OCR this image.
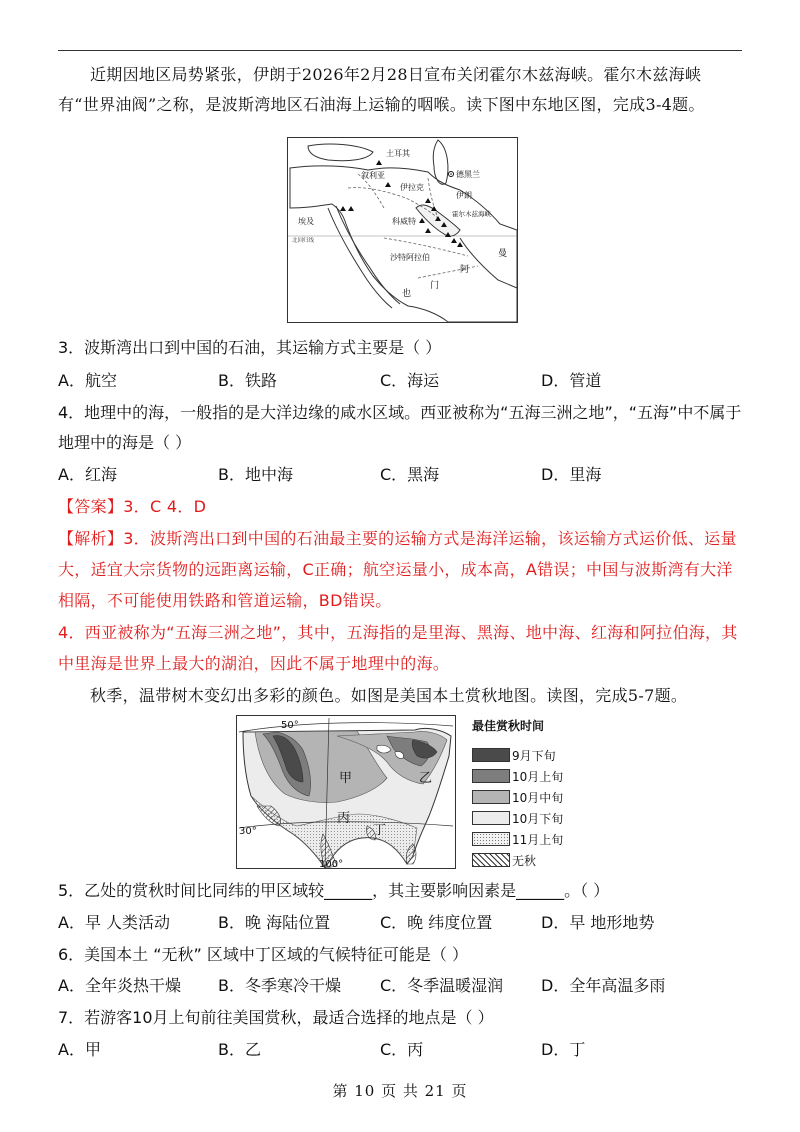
近期因地区局势紧张，伊朗于2026年2月28日宣布关闭霍尔木兹海峡。霍尔木兹海峡有“世界油阀”之称，是波斯湾地区石油海上运输的咽喉。读下图中东地区图，完成3-4题。
土耳其
叙利亚
伊拉克
德黑兰
伊朗
科威特
霍尔木兹海峡
埃及
北回归线
沙特阿拉伯	曼
阿
也
门
3．波斯湾出口到中国的石油，其运输方式主要是（ ）
A．航空	B．铁路	C．海运	D．管道
4．地理中的海，一般指的是大洋边缘的咸水区域。西亚被称为“五海三洲之地”，“五海”中不属于地理中的海是（ ）
A．红海	B．地中海	C．黑海	D．里海
【答案】3．C 4．D
【解析】3．波斯湾出口到中国的石油最主要的运输方式是海洋运输，该运输方式运价低、运量大，适宜大宗货物的远距离运输，C正确；航空运量小，成本高，A错误；中国与波斯湾有大洋相隔，不可能使用铁路和管道运输，BD错误。
4．西亚被称为“五海三洲之地”，其中，五海指的是里海、黑海、地中海、红海和阿拉伯海，其中里海是世界上最大的湖泊，因此不属于地理中的海。
秋季，温带树木变幻出多彩的颜色。如图是美国本土赏秋地图。读图，完成5-7题。
50°
30°
100°
甲	乙
丙
丁
最佳赏秋时间
9月下旬
10月上旬
10月中旬
10月下旬
11月上旬
无秋
5．乙处的赏秋时间比同纬的甲区域较______，其主要影响因素是______。（ ）
A．早 人类活动	B．晚 海陆位置	C．晚 纬度位置	D．早 地形地势
6．美国本土 “无秋” 区域中丁区域的气候特征可能是（ ）
A．全年炎热干燥 B．冬季寒冷干燥 C．冬季温暖湿润 D．全年高温多雨
7．若游客10月上旬前往美国赏秋，最适合选择的地点是（ ）
A．甲	B．乙	C．丙	D．丁
第 10 页 共 21 页
